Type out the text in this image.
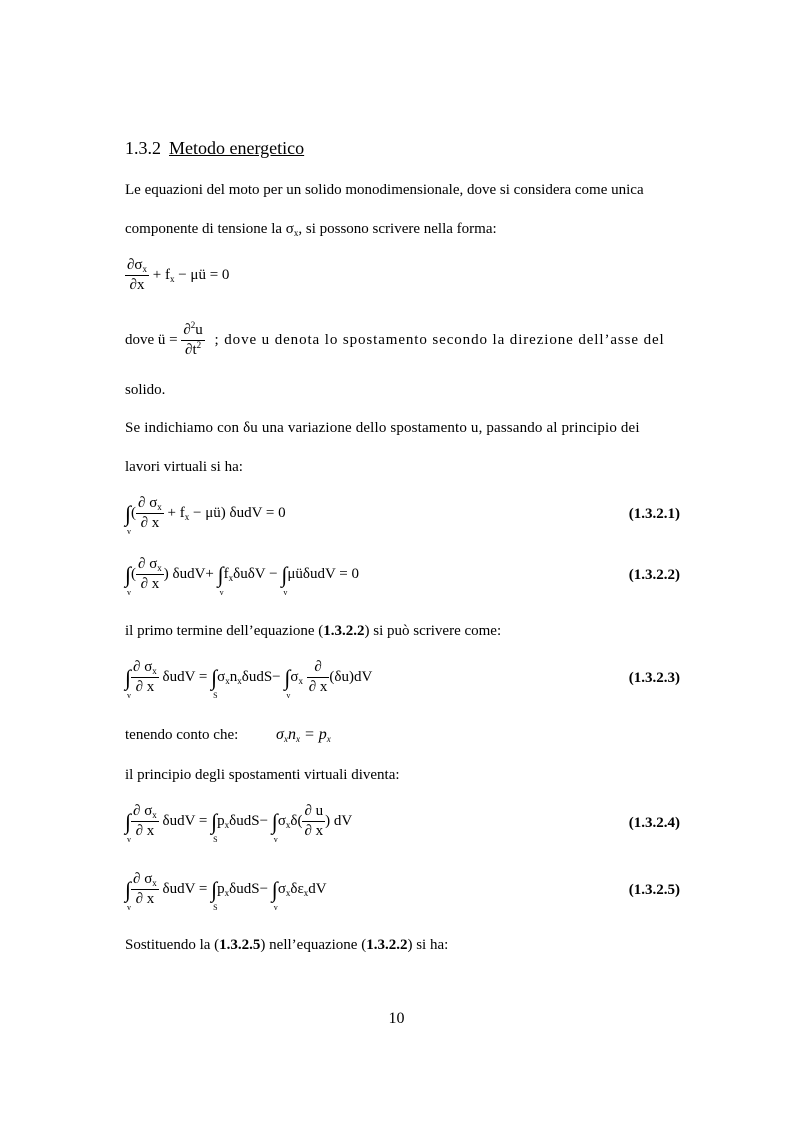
1.3.2 Metodo energetico
Le equazioni del moto per un solido monodimensionale, dove si considera come unica
componente di tensione la $\sigma_x$, si possono scrivere nella forma:
$\frac{\partial\sigma_x}{\partial x} + f_x$ − μü = 0
dove ü = $\frac{\partial^2u}{\partial t^2}$ ; dove u denota lo spostamento secondo la direzione dell’asse del
solido.
Se indichiamo con δu una variazione dello spostamento u, passando al principio dei
lavori virtuali si ha:
∫
v
( $\frac{\partial \sigma_x}{\partial x} + f_x$ − μü) δudV = 0	(1.3.2.1)
∫
v
( $\frac{\partial \sigma_x}{\partial x}$ ) δudV+ ∫
v
$f_x\delta u\delta V$ − ∫
v
μüδudV = 0	(1.3.2.2)
il primo termine dell’equazione (1.3.2.2) si può scrivere come:
∫
v $\frac{\partial \sigma_x}{\partial x}$ δudV = ∫
S
$\sigma_xn_x\delta udS-$ ∫
v
$\sigma_x \frac{\partial}{\partial x} (\delta u)dV$	(1.3.2.3)
tenendo conto che: σxnx = px
il principio degli spostamenti virtuali diventa:
∫
v $\frac{\partial \sigma_x}{\partial x}$ δudV = ∫
S
$p_x\delta udS-$ ∫
v
$\sigma_x\delta( \frac{\partial u}{\partial x}$ ) dV	(1.3.2.4)
∫
v $\frac{\partial \sigma_x}{\partial x}$ δudV = ∫
S
$p_x\delta udS-$ ∫
v
$\sigma_x\delta\varepsilon_xdV$	(1.3.2.5)
Sostituendo la (1.3.2.5) nell’equazione (1.3.2.2) si ha:
10
